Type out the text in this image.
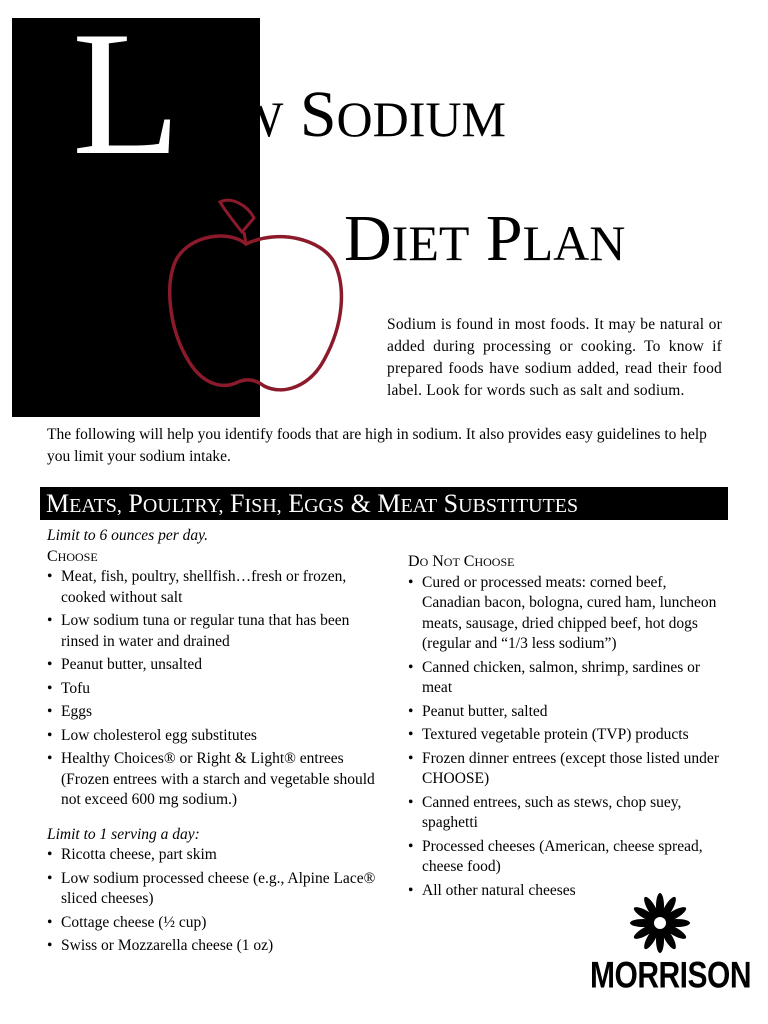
L OW SODIUM
DIET PLAN
Sodium is found in most foods. It may be natural or added during processing or cooking. To know if prepared foods have sodium added, read their food label. Look for words such as salt and sodium.
The following will help you identify foods that are high in sodium. It also provides easy guidelines to help you limit your sodium intake.
MEATS, POULTRY, FISH, EGGS & MEAT SUBSTITUTES

Limit to 6 ounces per day.

CHOOSE

• Meat, fish, poultry, shellfish…fresh or frozen, cooked without salt
• Low sodium tuna or regular tuna that has been rinsed in water and drained
• Peanut butter, unsalted
• Tofu
• Eggs
• Low cholesterol egg substitutes
• Healthy Choices® or Right & Light® entrees (Frozen entrees with a starch and vegetable should not exceed 600 mg sodium.)

Limit to 1 serving a day:

• Ricotta cheese, part skim
• Low sodium processed cheese (e.g., Alpine Lace® sliced cheeses)
• Cottage cheese (½ cup)
• Swiss or Mozzarella cheese (1 oz)

DO NOT CHOOSE

• Cured or processed meats: corned beef, Canadian bacon, bologna, cured ham, luncheon meats, sausage, dried chipped beef, hot dogs (regular and “1/3 less sodium”)
• Canned chicken, salmon, shrimp, sardines or meat
• Peanut butter, salted
• Textured vegetable protein (TVP) products
• Frozen dinner entrees (except those listed under CHOOSE)
• Canned entrees, such as stews, chop suey, spaghetti
• Processed cheeses (American, cheese spread, cheese food)
• All other natural cheeses
MORRISON
